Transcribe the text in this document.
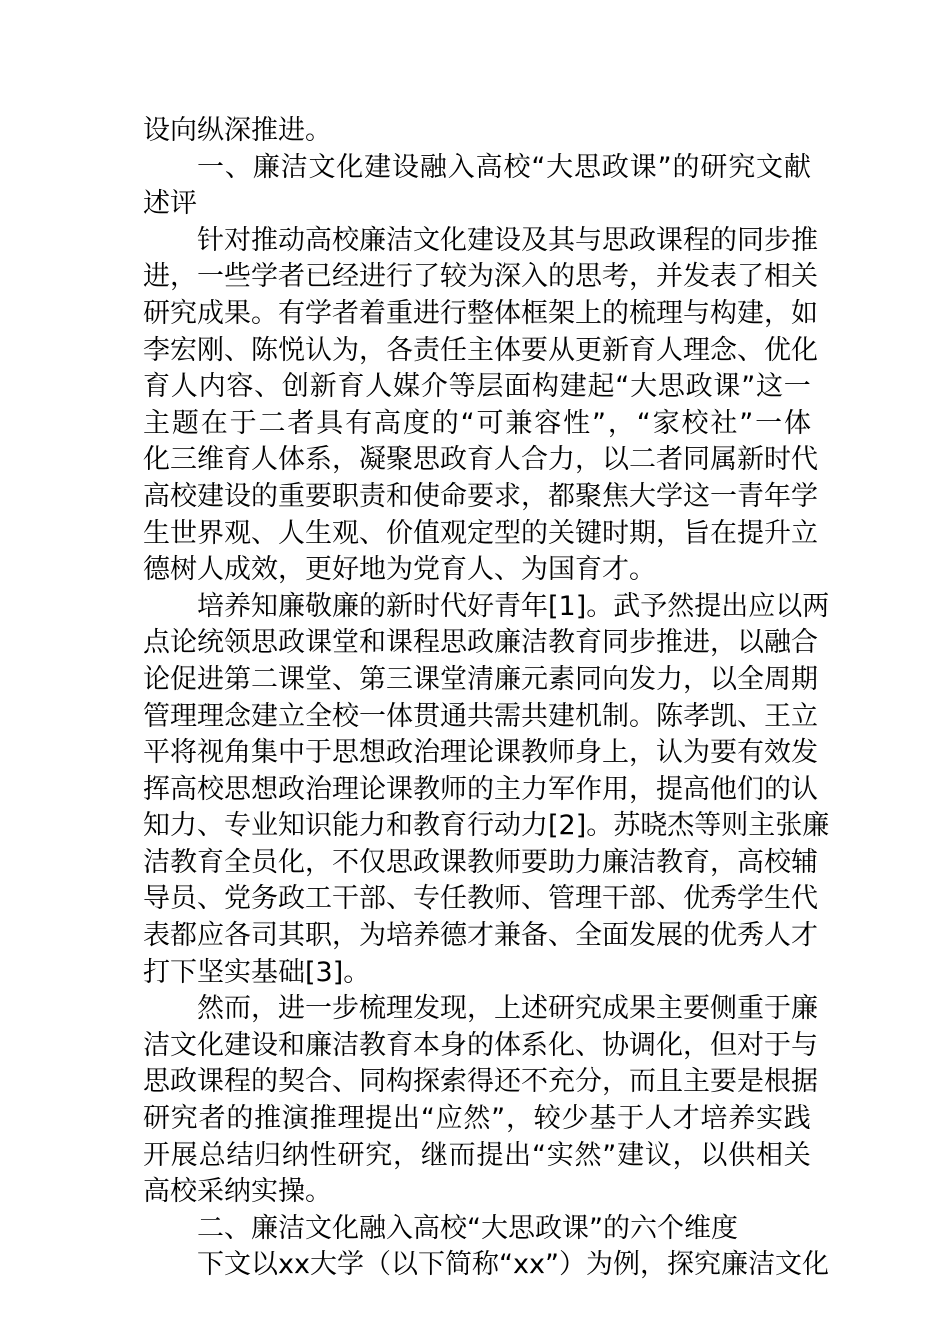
设向纵深推进。
一 、 廉 洁 文 化 建 设 融 入 高 校 “ 大 思 政 课 ” 的 研 究 文 献
述评
针 对 推 动 高 校 廉 洁 文 化 建 设 及 其 与 思 政 课 程 的 同 步 推
进 ， 一 些 学 者 已 经 进 行 了 较 为 深 入 的 思 考 ， 并 发 表 了 相 关
研 究 成 果 。 有 学 者 着 重 进 行 整 体 框 架 上 的 梳 理 与 构 建 ， 如
李 宏 刚 、 陈 悦 认 为 ， 各 责 任 主 体 要 从 更 新 育 人 理 念 、 优 化
育 人 内 容 、 创 新 育 人 媒 介 等 层 面 构 建 起 “ 大 思 政 课 ” 这 一
主 题 在 于 二 者 具 有 高 度 的 “ 可 兼 容 性 ” ， “ 家 校 社 ” 一 体
化 三 维 育 人 体 系 ， 凝 聚 思 政 育 人 合 力 ， 以 二 者 同 属 新 时 代
高 校 建 设 的 重 要 职 责 和 使 命 要 求 ， 都 聚 焦 大 学 这 一 青 年 学
生 世 界 观 、 人 生 观 、 价 值 观 定 型 的 关 键 时 期 ， 旨 在 提 升 立
德树人成效，更好地为党育人、为国育才。
培 养 知 廉 敬 廉 的 新 时 代 好 青 年 [1] 。 武 予 然 提 出 应 以 两
点 论 统 领 思 政 课 堂 和 课 程 思 政 廉 洁 教 育 同 步 推 进 ， 以 融 合
论 促 进 第 二 课 堂 、 第 三 课 堂 清 廉 元 素 同 向 发 力 ， 以 全 周 期
管 理 理 念 建 立 全 校 一 体 贯 通 共 需 共 建 机 制 。 陈 孝 凯 、 王 立
平 将 视 角 集 中 于 思 想 政 治 理 论 课 教 师 身 上 ， 认 为 要 有 效 发
挥 高 校 思 想 政 治 理 论 课 教 师 的 主 力 军 作 用 ， 提 高 他 们 的 认
知 力 、 专 业 知 识 能 力 和 教 育 行 动 力 [2] 。 苏 晓 杰 等 则 主 张 廉
洁 教 育 全 员 化 ， 不 仅 思 政 课 教 师 要 助 力 廉 洁 教 育 ， 高 校 辅
导 员 、 党 务 政 工 干 部 、 专 任 教 师 、 管 理 干 部 、 优 秀 学 生 代
表 都 应 各 司 其 职 ， 为 培 养 德 才 兼 备 、 全 面 发 展 的 优 秀 人 才
打下坚实基础[3]。
然 而 ， 进 一 步 梳 理 发 现 ， 上 述 研 究 成 果 主 要 侧 重 于 廉
洁 文 化 建 设 和 廉 洁 教 育 本 身 的 体 系 化 、 协 调 化 ， 但 对 于 与
思 政 课 程 的 契 合 、 同 构 探 索 得 还 不 充 分 ， 而 且 主 要 是 根 据
研 究 者 的 推 演 推 理 提 出 “ 应 然 ” ， 较 少 基 于 人 才 培 养 实 践
开 展 总 结 归 纳 性 研 究 ， 继 而 提 出 “ 实 然 ” 建 议 ， 以 供 相 关
高校采纳实操。
二、廉洁文化融入高校“大思政课”的六个维度
下 文 以 xx 大 学 （ 以 下 简 称 “ xx ” ） 为 例 ， 探 究 廉 洁 文 化
